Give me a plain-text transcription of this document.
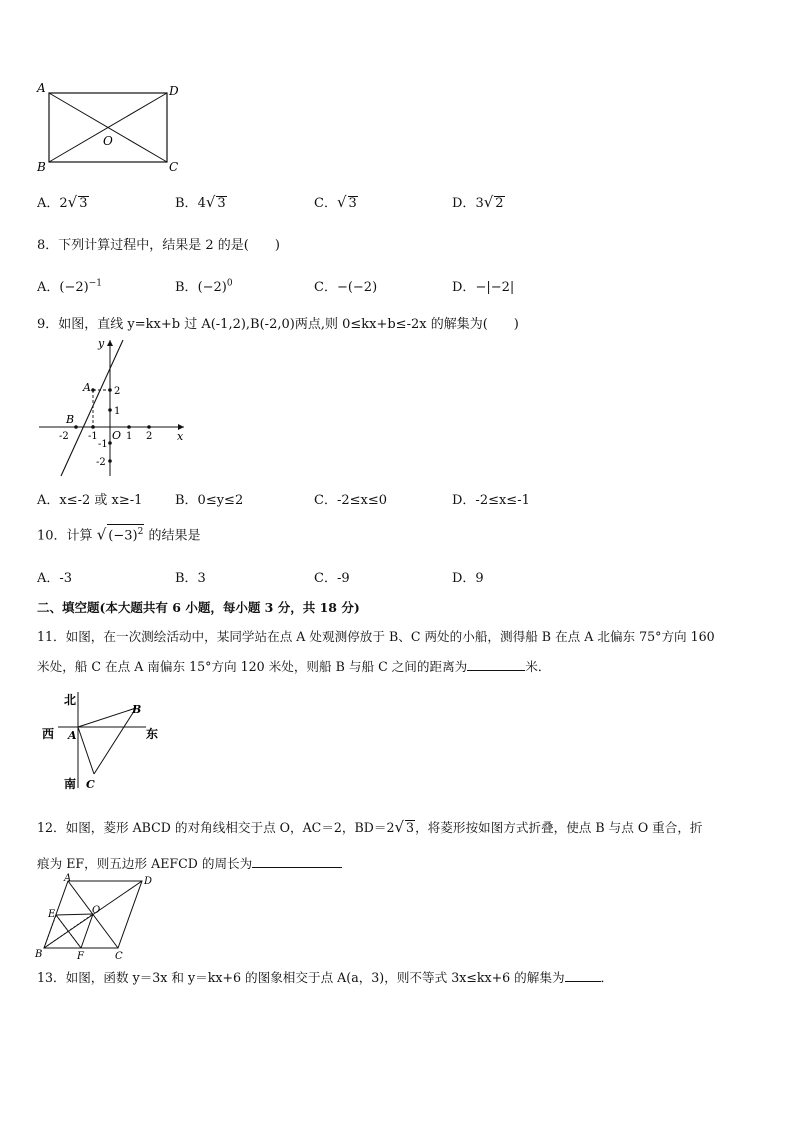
A	D
B	C
O
A．2√ 3	B．4√ 3	C．√ 3	D．3√ 2
8．下列计算过程中，结果是 2 的是(　　)
A．$(-2)^{-1}$	B．$(-2)^0$	C．−(−2)	D．−|−2|
9．如图，直线 y=kx+b 过 A(-1,2),B(-2,0)两点,则 0≤kx+b≤-2x 的解集为(　　)
y
x
A
B
O
2
1
-1
-2
-2 -1	1 2
A．x≤-2 或 x≥-1	B．0≤y≤2	C．-2≤x≤0	D．-2≤x≤-1
10．计算 √ $(-3)^2$ 的结果是
A．-3	B．3	C．-9	D．9
二、填空题(本大题共有 6 小题，每小题 3 分，共 18 分)
11．如图，在一次测绘活动中，某同学站在点 A 处观测停放于 B、C 两处的小船，测得船 B 在点 A 北偏东 75°方向 160
米处，船 C 在点 A 南偏东 15°方向 120 米处，则船 B 与船 C 之间的距离为	米．
北
西	东
南
A
B
C
12．如图，菱形 ABCD 的对角线相交于点 O，AC＝2，BD＝2√ 3，将菱形按如图方式折叠，使点 B 与点 O 重合，折
痕为 EF，则五边形 AEFCD 的周长为
A	D
E	O
B	F	C
13．如图，函数 y＝3x 和 y＝kx+6 的图象相交于点 A(a，3)，则不等式 3x≤kx+6 的解集为	．
